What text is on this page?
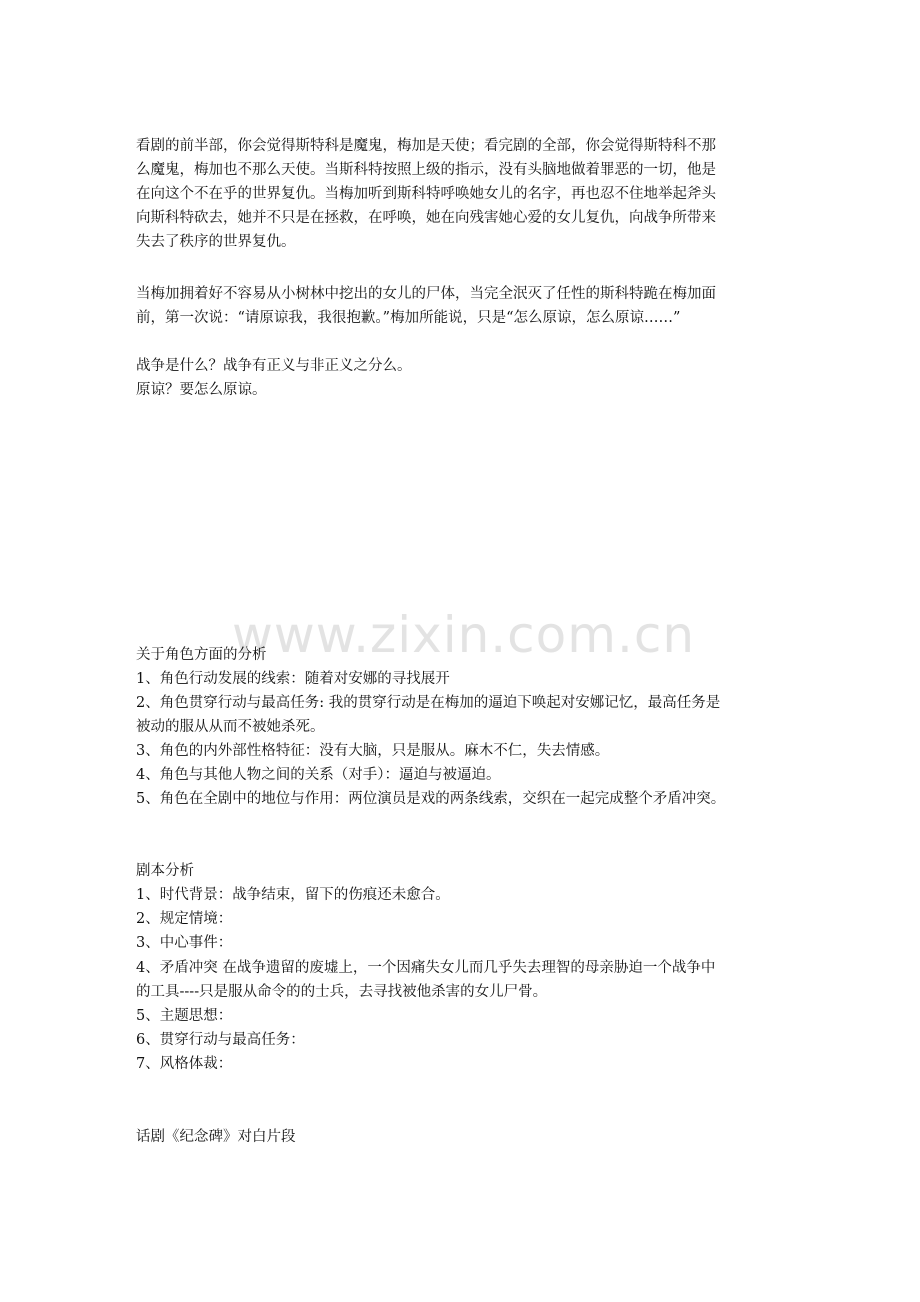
www.zixin.com.cn
看剧的前半部，你会觉得斯特科是魔鬼，梅加是天使；看完剧的全部，你会觉得斯特科不那
么魔鬼，梅加也不那么天使。当斯科特按照上级的指示，没有头脑地做着罪恶的一切，他是
在向这个不在乎的世界复仇。当梅加听到斯科特呼唤她女儿的名字，再也忍不住地举起斧头
向斯科特砍去，她并不只是在拯救，在呼唤，她在向残害她心爱的女儿复仇，向战争所带来
失去了秩序的世界复仇。
当梅加拥着好不容易从小树林中挖出的女儿的尸体，当完全泯灭了任性的斯科特跪在梅加面
前，第一次说：“请原谅我，我很抱歉。”梅加所能说，只是“怎么原谅，怎么原谅……”
战争是什么？战争有正义与非正义之分么。
原谅？要怎么原谅。
关于角色方面的分析
1、角色行动发展的线索：随着对安娜的寻找展开
2、角色贯穿行动与最高任务: 我的贯穿行动是在梅加的逼迫下唤起对安娜记忆，最高任务是
被动的服从从而不被她杀死。
3、角色的内外部性格特征：没有大脑，只是服从。麻木不仁，失去情感。
4、角色与其他人物之间的关系（对手）：逼迫与被逼迫。
5、角色在全剧中的地位与作用：两位演员是戏的两条线索，交织在一起完成整个矛盾冲突。
剧本分析
1、时代背景：战争结束，留下的伤痕还未愈合。
2、规定情境：
3、中心事件：
4、矛盾冲突 在战争遗留的废墟上，一个因痛失女儿而几乎失去理智的母亲胁迫一个战争中
的工具----只是服从命令的的士兵，去寻找被他杀害的女儿尸骨。
5、主题思想：
6、贯穿行动与最高任务：
7、风格体裁：
话剧《纪念碑》对白片段
